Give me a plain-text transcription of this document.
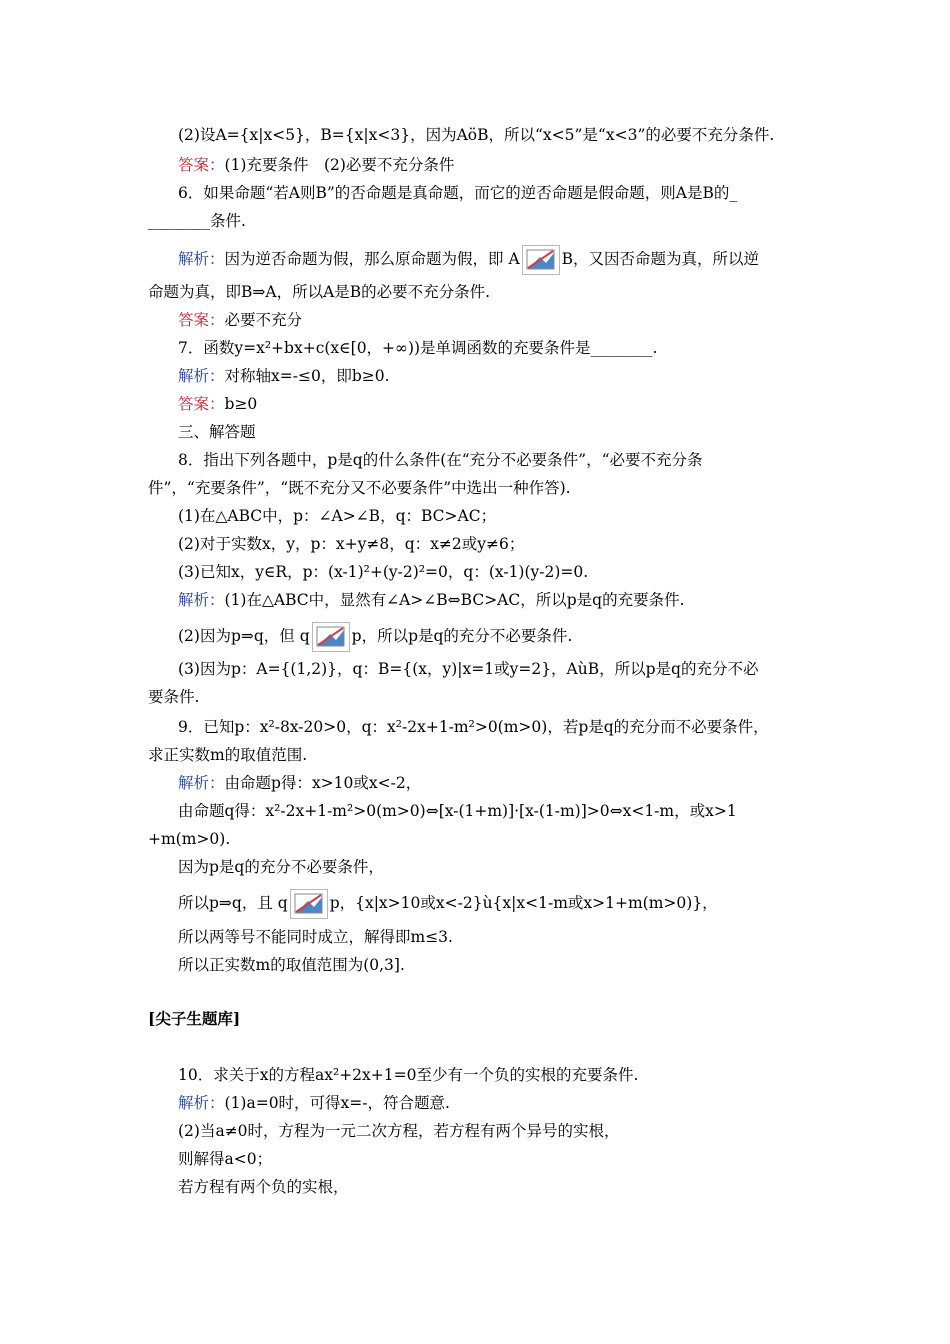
(2)设A={x|x<5}，B={x|x<3}，因为AöB，所以“x<5”是“x<3”的必要不充分条件.
答案：(1)充要条件　(2)必要不充分条件
6．如果命题“若A则B”的否命题是真命题，而它的逆否命题是假命题，则A是B的_
________条件.
解析：因为逆否命题为假，那么原命题为假，即 A	B，又因否命题为真，所以逆
命题为真，即B⇒A，所以A是B的必要不充分条件.
答案：必要不充分
7．函数y=x²+bx+c(x∈[0，+∞))是单调函数的充要条件是________.
解析：对称轴x=-≤0，即b≥0.
答案：b≥0
三、解答题
8．指出下列各题中，p是q的什么条件(在“充分不必要条件”，“必要不充分条
件”，“充要条件”，“既不充分又不必要条件”中选出一种作答).
(1)在△ABC中，p：∠A>∠B，q：BC>AC；
(2)对于实数x，y，p：x+y≠8，q：x≠2或y≠6；
(3)已知x，y∈R，p：(x-1)²+(y-2)²=0，q：(x-1)(y-2)=0.
解析：(1)在△ABC中，显然有∠A>∠B⇔BC>AC，所以p是q的充要条件.
(2)因为p⇒q，但 q	p，所以p是q的充分不必要条件.
(3)因为p：A={(1,2)}，q：B={(x，y)|x=1或y=2}，AùB，所以p是q的充分不必
要条件.
9．已知p：x²-8x-20>0，q：x²-2x+1-m²>0(m>0)，若p是q的充分而不必要条件，
求正实数m的取值范围.
解析：由命题p得：x>10或x<-2，
由命题q得：x²-2x+1-m²>0(m>0)⇔[x-(1+m)]·[x-(1-m)]>0⇔x<1-m，或x>1
+m(m>0).
因为p是q的充分不必要条件，
所以p⇒q，且 q	p，{x|x>10或x<-2}ù{x|x<1-m或x>1+m(m>0)}，
所以两等号不能同时成立，解得即m≤3.
所以正实数m的取值范围为(0,3].
[尖子生题库]
10．求关于x的方程ax²+2x+1=0至少有一个负的实根的充要条件.
解析：(1)a=0时，可得x=-，符合题意.
(2)当a≠0时，方程为一元二次方程，若方程有两个异号的实根，
则解得a<0；
若方程有两个负的实根，
